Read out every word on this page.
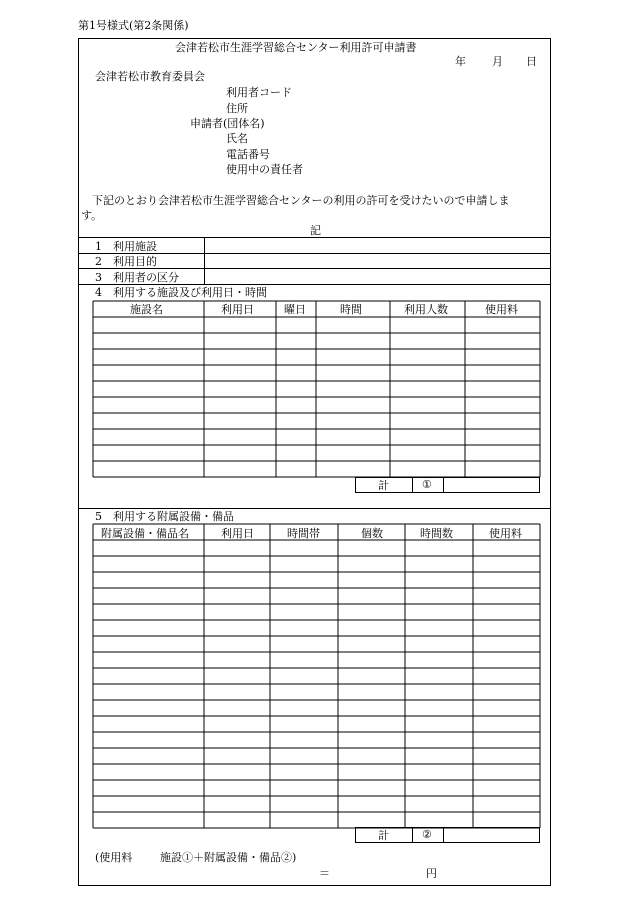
第1号様式(第2条関係)
会津若松市生涯学習総合センター利用許可申請書
年 月 日
会津若松市教育委員会
利用者コード
住所
申請者(団体名)
氏名
電話番号
使用中の責任者
下記のとおり会津若松市生涯学習総合センターの利用の許可を受けたいので申請しま
す。
記
1 利用施設
2 利用目的
3 利用者の区分
4　利用する施設及び利用日・時間
施設名	利用日	曜日	時間	利用人数	使用料
計	①
5　利用する附属設備・備品
附属設備・備品名	利用日	時間帯	個数	時間数	使用料
計	②
(使用料	施設①＋附属設備・備品②)
＝	円
